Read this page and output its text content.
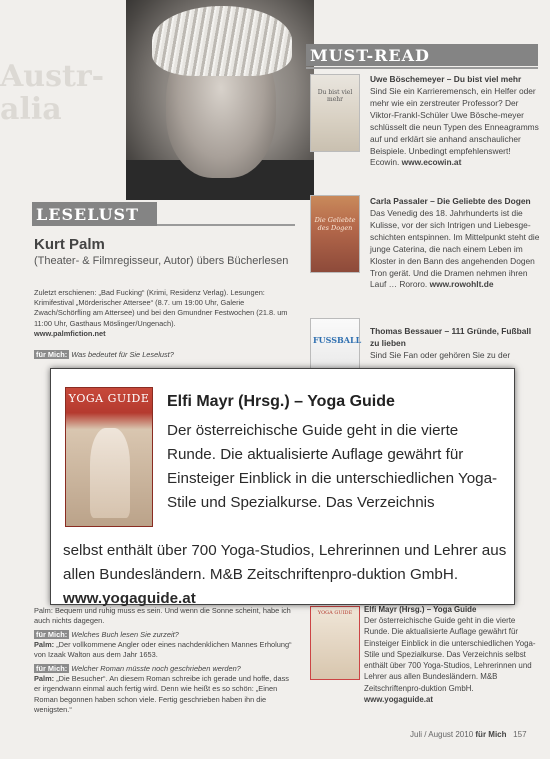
Australia
MUST-READ
LESELUST
Kurt Palm
(Theater- & Filmregisseur, Autor) übers Bücherlesen
Zuletzt erschienen: „Bad Fucking“ (Krimi, Residenz Verlag). Lesungen: Krimifestival „Mörderischer Attersee“ (8.7. um 19:00 Uhr, Galerie Zwach/Schörfling am Attersee) und bei den Gmundner Festwochen (21.8. um 11:00 Uhr, Gasthaus Möslinger/Ungenach).
www.palmfiction.net
für Mich: Was bedeutet für Sie Leselust?
Palm: Bequem und ruhig muss es sein. Und wenn die Sonne scheint, habe ich auch nichts dagegen.
für Mich: Welches Buch lesen Sie zurzeit?
Palm: „Der vollkommene Angler oder eines nachdenklichen Mannes Erholung“ von Izaak Walton aus dem Jahr 1653.
für Mich: Welcher Roman müsste noch geschrieben werden?
Palm: „Die Besucher“. An diesem Roman schreibe ich gerade und hoffe, dass er irgendwann einmal auch fertig wird. Denn wie heißt es so schön: „Einen Roman begonnen haben schon viele. Fertig geschrieben haben ihn die wenigsten.“
Du bist viel mehr
Uwe Böschemeyer – Du bist viel mehr
Sind Sie ein Karrieremensch, ein Helfer oder mehr wie ein zerstreuter Professor? Der Viktor-Frankl-Schüler Uwe Bösche-meyer schlüsselt die neun Typen des Enneagramms auf und erklärt sie anhand anschaulicher Beispiele. Unbedingt empfehlenswert! Ecowin. www.ecowin.at
Die Geliebte des Dogen
Carla Passaler – Die Geliebte des Dogen
Das Venedig des 18. Jahrhunderts ist die Kulisse, vor der sich Intrigen und Liebesge-schichten entspinnen. Im Mittelpunkt steht die junge Caterina, die nach einem Leben im Kloster in den Bann des angehenden Dogen Tron gerät. Und die Dramen nehmen ihren Lauf … Rororo. www.rowohlt.de
FUSSBALL
Thomas Bessauer – 111 Gründe, Fußball zu lieben
Sind Sie Fan oder gehören Sie zu der
YOGA GUIDE	Elfi Mayr (Hrsg.) – Yoga Guide
Der österreichische Guide geht in die vierte Runde. Die aktualisierte Auflage gewährt für Einsteiger Einblick in die unterschiedlichen Yoga-Stile und Spezialkurse. Das Verzeichnis selbst enthält über 700 Yoga-Studios, Lehrerinnen und Lehrer aus allen Bundesländern. M&B Zeitschriftenpro-duktion GmbH. www.yogaguide.at
YOGA GUIDE Elfi Mayr (Hrsg.) – Yoga Guide
Der österreichische Guide geht in die vierte Runde. Die aktualisierte Auflage gewährt für Einsteiger Einblick in die unterschiedlichen Yoga-Stile und Spezialkurse. Das Verzeichnis
selbst enthält über 700 Yoga-Studios, Lehrerinnen und Lehrer aus allen Bundesländern. M&B Zeitschriftenpro-duktion GmbH. www.yogaguide.at
Juli / August 2010 für Mich 157
